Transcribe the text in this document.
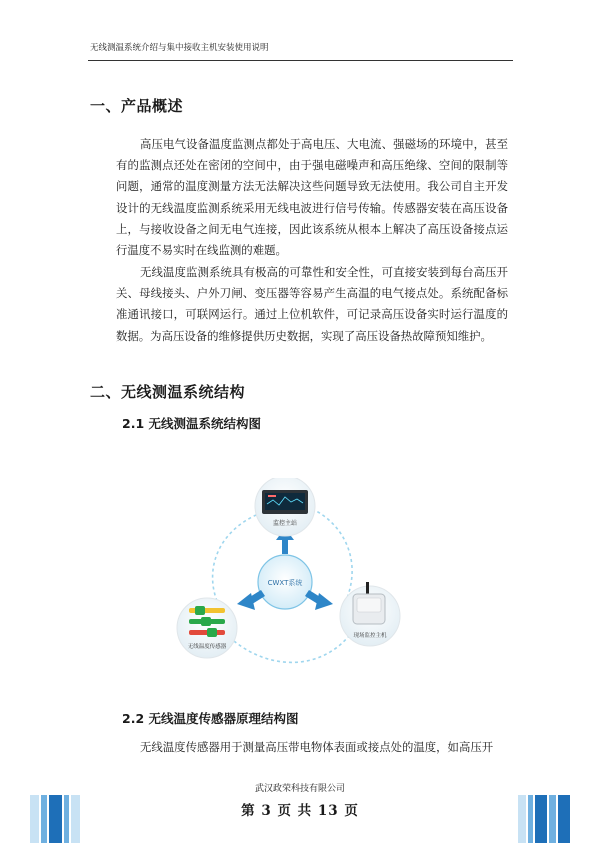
无线测温系统介绍与集中接收主机安装使用说明
一、产品概述

高压电气设备温度监测点都处于高电压、大电流、强磁场的环境中，甚至有的监测点还处在密闭的空间中，由于强电磁噪声和高压绝缘、空间的限制等问题，通常的温度测量方法无法解决这些问题导致无法使用。我公司自主开发设计的无线温度监测系统采用无线电波进行信号传输。传感器安装在高压设备上，与接收设备之间无电气连接，因此该系统从根本上解决了高压设备接点运行温度不易实时在线监测的难题。

无线温度监测系统具有极高的可靠性和安全性，可直接安装到每台高压开关、母线接头、户外刀闸、变压器等容易产生高温的电气接点处。系统配备标准通讯接口，可联网运行。通过上位机软件，可记录高压设备实时运行温度的数据。为高压设备的维修提供历史数据，实现了高压设备热故障预知维护。

二、无线测温系统结构
2.1 无线测温系统结构图
CWXT系统
监控主站
无线温度传感器
现场监控主机
2.2 无线温度传感器原理结构图

无线温度传感器用于测量高压带电物体表面或接点处的温度，如高压开

武汉政荣科技有限公司
第 3 页 共 13 页
